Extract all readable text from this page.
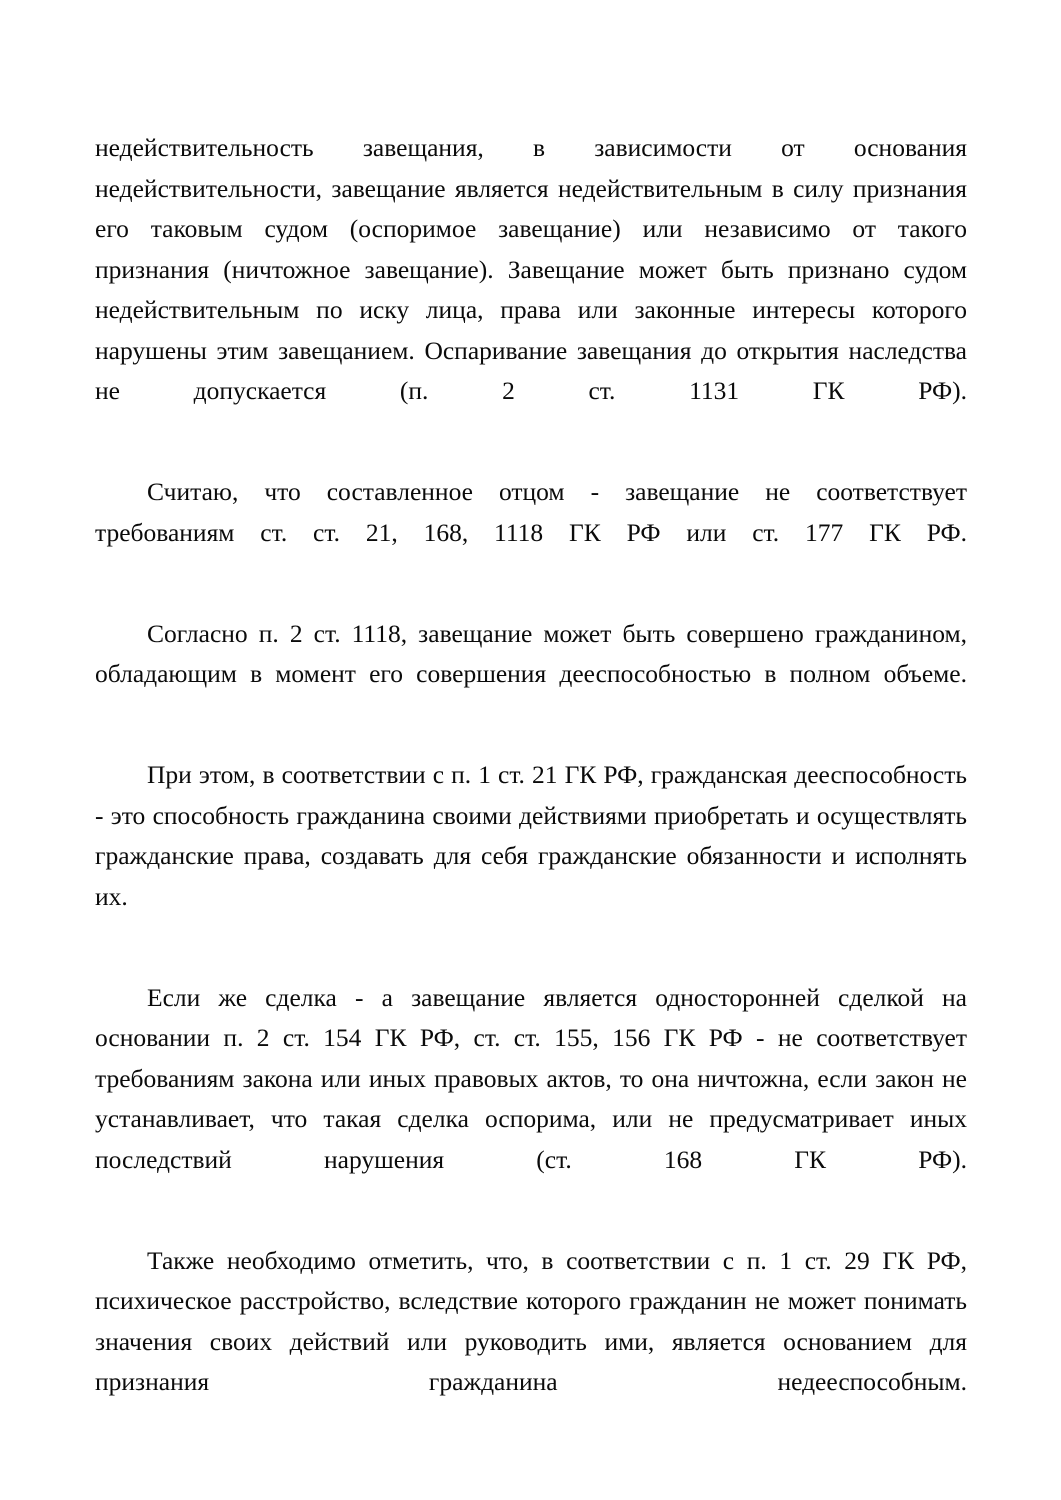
недействительность завещания, в зависимости от основания недействительности, завещание является недействительным в силу признания его таковым судом (оспоримое завещание) или независимо от такого признания (ничтожное завещание). Завещание может быть признано судом недействительным по иску лица, права или законные интересы которого нарушены этим завещанием. Оспаривание завещания до открытия наследства не допускается (п. 2 ст. 1131 ГК РФ).

Считаю, что составленное отцом - завещание не соответствует требованиям ст. ст. 21, 168, 1118 ГК РФ или ст. 177 ГК РФ.

Согласно п. 2 ст. 1118, завещание может быть совершено гражданином, обладающим в момент его совершения дееспособностью в полном объеме.

При этом, в соответствии с п. 1 ст. 21 ГК РФ, гражданская дееспособность - это способность гражданина своими действиями приобретать и осуществлять гражданские права, создавать для себя гражданские обязанности и исполнять их.

Если же сделка - а завещание является односторонней сделкой на основании п. 2 ст. 154 ГК РФ, ст. ст. 155, 156 ГК РФ - не соответствует требованиям закона или иных правовых актов, то она ничтожна, если закон не устанавливает, что такая сделка оспорима, или не предусматривает иных последствий нарушения (ст. 168 ГК РФ).

Также необходимо отметить, что, в соответствии с п. 1 ст. 29 ГК РФ, психическое расстройство, вследствие которого гражданин не может понимать значения своих действий или руководить ими, является основанием для признания гражданина недееспособным.
